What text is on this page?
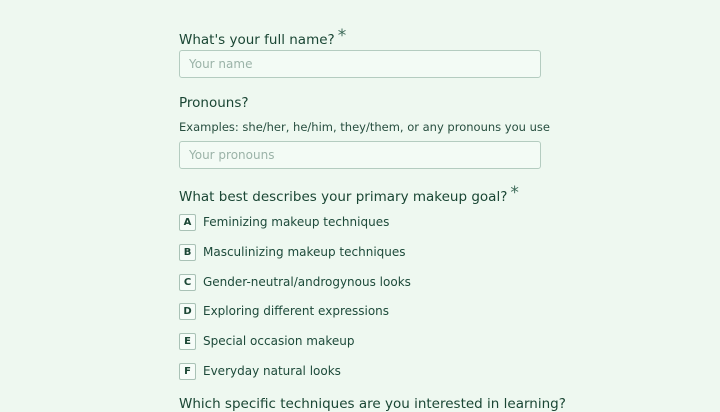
What's your full name? *
Your name
Pronouns?
Examples: she/her, he/him, they/them, or any pronouns you use
Your pronouns
What best describes your primary makeup goal? *
A Feminizing makeup techniques
B Masculinizing makeup techniques
C Gender-neutral/androgynous looks
D Exploring different expressions
E	Special occasion makeup
F	Everyday natural looks
Which specific techniques are you interested in learning?
